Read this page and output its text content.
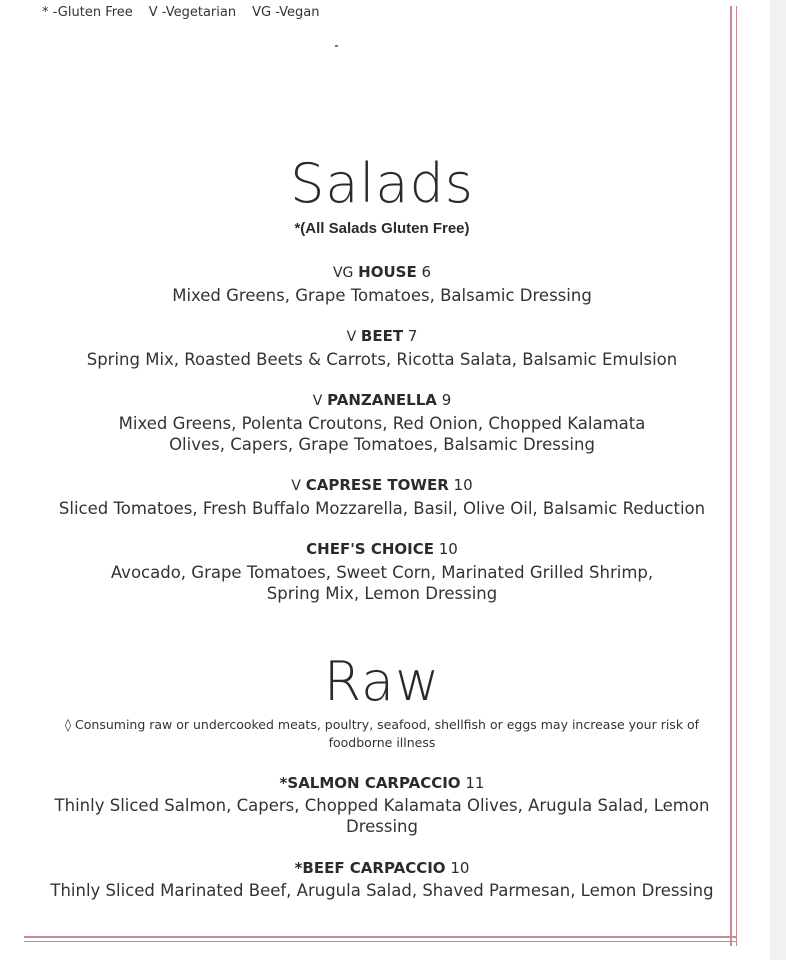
* -Gluten Free V -Vegetarian VG -Vegan
Salads
*(All Salads Gluten Free)
VG HOUSE 6
Mixed Greens, Grape Tomatoes, Balsamic Dressing
V BEET 7
Spring Mix, Roasted Beets & Carrots, Ricotta Salata, Balsamic Emulsion
V PANZANELLA 9
Mixed Greens, Polenta Croutons, Red Onion, Chopped Kalamata
Olives, Capers, Grape Tomatoes, Balsamic Dressing
V CAPRESE TOWER 10
Sliced Tomatoes, Fresh Buffalo Mozzarella, Basil, Olive Oil, Balsamic Reduction
CHEF'S CHOICE 10
Avocado, Grape Tomatoes, Sweet Corn, Marinated Grilled Shrimp,
Spring Mix, Lemon Dressing
Raw
◊ Consuming raw or undercooked meats, poultry, seafood, shellfish or eggs may increase your risk of
foodborne illness
*SALMON CARPACCIO 11
Thinly Sliced Salmon, Capers, Chopped Kalamata Olives, Arugula Salad, Lemon
Dressing
*BEEF CARPACCIO 10
Thinly Sliced Marinated Beef, Arugula Salad, Shaved Parmesan, Lemon Dressing
